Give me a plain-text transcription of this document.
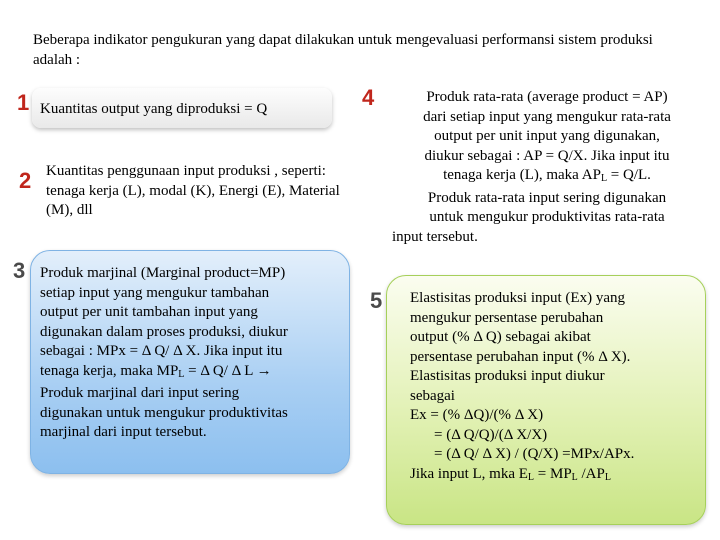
Beberapa indikator pengukuran yang dapat dilakukan untuk mengevaluasi performansi sistem produksi adalah :
1 Kuantitas output yang diproduksi = Q
2 Kuantitas penggunaan input produksi , seperti: tenaga kerja (L), modal (K), Energi (E), Material (M), dll
3 Produk marjinal (Marginal product=MP)
setiap input yang mengukur tambahan
output per unit tambahan input yang
digunakan dalam proses produksi, diukur
sebagai : MPx = Δ Q/ Δ X. Jika input itu
tenaga kerja, maka $MP_L = \Delta$ Q/ Δ L →
Produk marjinal dari input sering
digunakan untuk mengukur produktivitas
marjinal dari input tersebut.
4	Produk rata-rata (average product = AP)
dari setiap input yang mengukur rata-rata
output per unit input yang digunakan,
diukur sebagai : AP = Q/X. Jika input itu
tenaga kerja (L), maka $AP_L = Q/L$.
Produk rata-rata input sering digunakan
untuk mengukur produktivitas rata-rata
input tersebut.
5 Elastisitas produksi input (Ex) yang
mengukur persentase perubahan
output (% Δ Q) sebagai akibat
persentase perubahan input (% Δ X).
Elastisitas produksi input diukur
sebagai
Ex = (% ΔQ)/(% Δ X)
= (Δ Q/Q)/(Δ X/X)
= (Δ Q/ Δ X) / (Q/X) =MPx/APx.
Jika input L, mka $E_L = MP_L$ $/AP_L$
